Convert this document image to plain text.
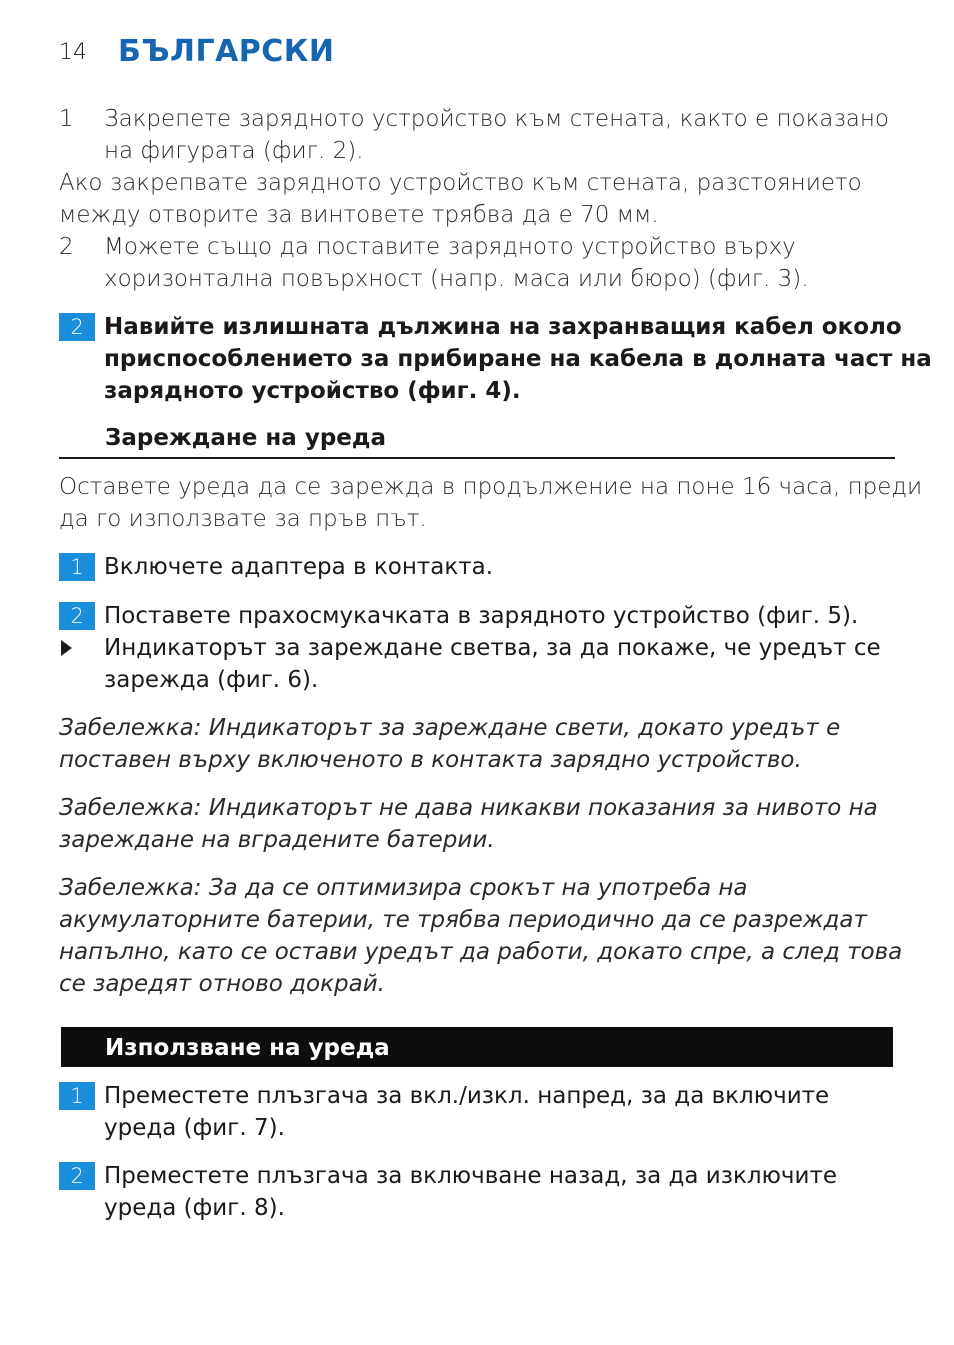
14 БЪЛГАРСКИ
1 Закрепете зарядното устройство към стената, както е показано
на фигурата (фиг. 2).
Ако закрепвате зарядното устройство към стената, разстоянието
между отворите за винтовете трябва да е 70 мм.
2 Можете също да поставите зарядното устройство върху
хоризонтална повърхност (напр. маса или бюро) (фиг. 3).
2 Навийте излишната дължина на захранващия кабел около
приспособлението за прибиране на кабела в долната част на
зарядното устройство (фиг. 4).
Зареждане на уреда
Оставете уреда да се зарежда в продължение на поне 16 часа, преди
да го използвате за пръв път.
1 Включете адаптера в контакта.
2 Поставете прахосмукачката в зарядното устройство (фиг. 5).
Индикаторът за зареждане светва, за да покаже, че уредът се
зарежда (фиг. 6).
Забележка: Индикаторът за зареждане свети, докато уредът е
поставен върху включеното в контакта зарядно устройство.
Забележка: Индикаторът не дава никакви показания за нивото на
зареждане на вградените батерии.
Забележка: За да се оптимизира срокът на употреба на
акумулаторните батерии, те трябва периодично да се разреждат
напълно, като се остави уредът да работи, докато спре, а след това
се заредят отново докрай.
Използване на уреда
1 Преместете плъзгача за вкл./изкл. напред, за да включите
уреда (фиг. 7).
2 Преместете плъзгача за включване назад, за да изключите
уреда (фиг. 8).
